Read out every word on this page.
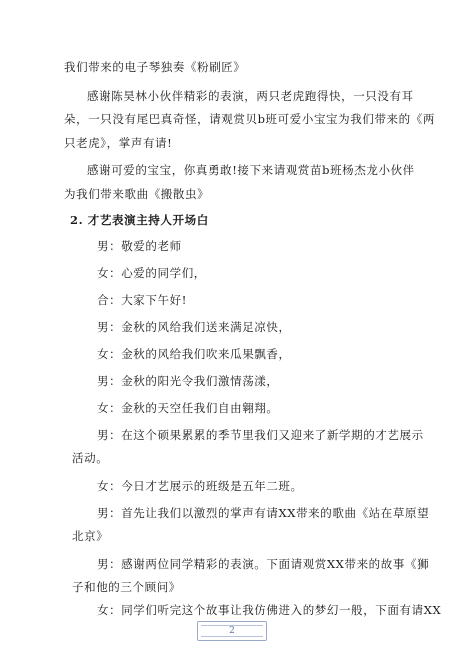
我们带来的电子琴独奏《粉刷匠》
感谢陈昊林小伙伴精彩的表演，两只老虎跑得快，一只没有耳
朵，一只没有尾巴真奇怪，请观赏贝b班可爱小宝宝为我们带来的《两
只老虎》，掌声有请!
感谢可爱的宝宝，你真勇敢!接下来请观赏苗b班杨杰龙小伙伴
为我们带来歌曲《搬散虫》
2. 才艺表演主持人开场白
男：敬爱的老师
女：心爱的同学们，
合：大家下午好!
男：金秋的风给我们送来满足凉快，
女：金秋的风给我们吹来瓜果飘香，
男：金秋的阳光令我们激情荡漾，
女：金秋的天空任我们自由翱翔。
男：在这个硕果累累的季节里我们又迎来了新学期的才艺展示
活动。
女：今日才艺展示的班级是五年二班。
男：首先让我们以激烈的掌声有请XX带来的歌曲《站在草原望
北京》
男：感谢两位同学精彩的表演。下面请观赏XX带来的故事《狮
子和他的三个顾问》
女：同学们听完这个故事让我仿佛进入的梦幻一般，下面有请XX
2
